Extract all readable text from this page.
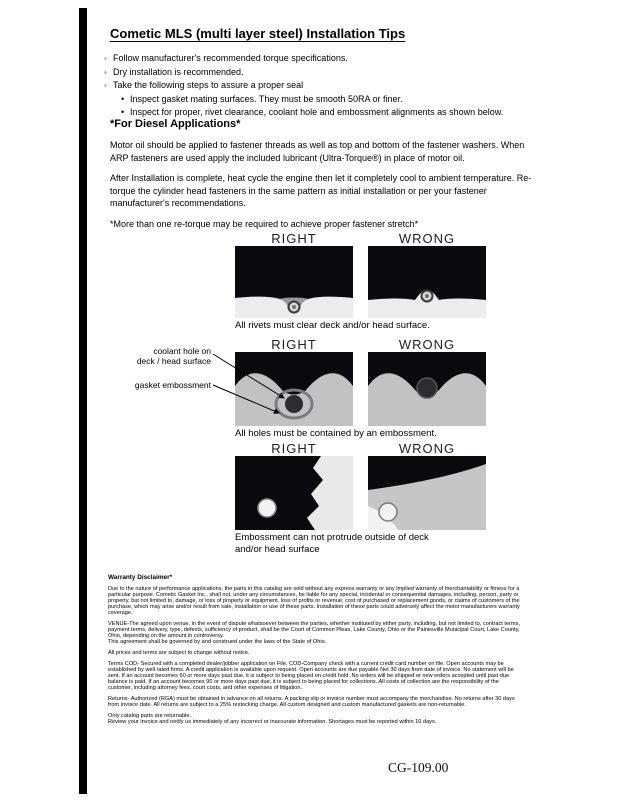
Cometic MLS (multi layer steel) Installation Tips
◦ Follow manufacturer's recommended torque specifications.
◦ Dry installation is recommended.
◦ Take the following steps to assure a proper seal
• Inspect gasket mating surfaces. They must be smooth 50RA or finer.
• Inspect for proper, rivet clearance, coolant hole and embossment alignments as shown below.
*For Diesel Applications*

Motor oil should be applied to fastener threads as well as top and bottom of the fastener washers. When ARP fasteners are used apply the included lubricant (Ultra-Torque®) in place of motor oil.

After Installation is complete, heat cycle the engine then let it completely cool to ambient temperature. Re-torque the cylinder head fasteners in the same pattern as initial installation or per your fastener manufacturer's recommendations.

*More than one re-torque may be required to achieve proper fastener stretch*

RIGHT	WRONG
All rivets must clear deck and/or head surface.
coolant hole on
deck / head surface
gasket embossment
RIGHT	WRONG
All holes must be contained by an embossment.
RIGHT	WRONG
Embossment can not protrude outside of deck and/or head surface
Warranty Disclaimer*

Due to the nature of performance applications, the parts in this catalog are sold without any express warranty or any implied warranty of merchantability or fitness for a particular purpose. Cometic Gasket Inc., shall not, under any circumstances, be liable for any special, incidental or consequential damages, including, person, party or property, but not limited to, damage, or loss of property or equipment, loss of profits or revenue, cost of purchased or replacement goods, or claims of customers of the purchase, which may arise and/or result from sale, installation or use of these parts. Installation of these parts could adversely affect the motor manufacturers warranty coverage.

VENUE-The agreed upon venue, in the event of dispute whatsoever between the parties, whether instituted by either party, including, but not limited to, contract terms, payment terms, delivery, type, defects, sufficiency of product, shall be the Court of Common Pleas, Lake County, Ohio or the Painesville Municipal Court, Lake County, Ohio, depending on the amount in controversy.

This agreement shall be governed by and construed under the laws of the State of Ohio.

All prices and terms are subject to change without notice.

Terms COD- Secured with a completed dealer/jobber application on File, COD-Company check with a current credit card number on file. Open accounts may be established by well rated firms. A credit application is available upon request. Open accounts are due payable Net 30 days from date of invoice. No statement will be sent. If an account becomes 60 or more days past due, it is subject to being placed on credit hold. No orders will be shipped or new orders accepted until past due balance is paid. If an account becomes 90 or more days past due, it is subject to being placed for collections. All costs of collection are the responsibility of the customer, including attorney fees, court costs, and other expenses of litigation.

Returns- Authorized (RGA) must be obtained in advance on all returns. A packing slip or invoice number must accompany the merchandise. No returns after 30 days from invoice date. All returns are subject to a 25% restocking charge. All custom designed and custom manufactured gaskets are non-returnable.

Only catalog parts are returnable.

Review your invoice and notify us immediately of any incorrect or inaccurate information. Shortages must be reported within 10 days.

CG-109.00
